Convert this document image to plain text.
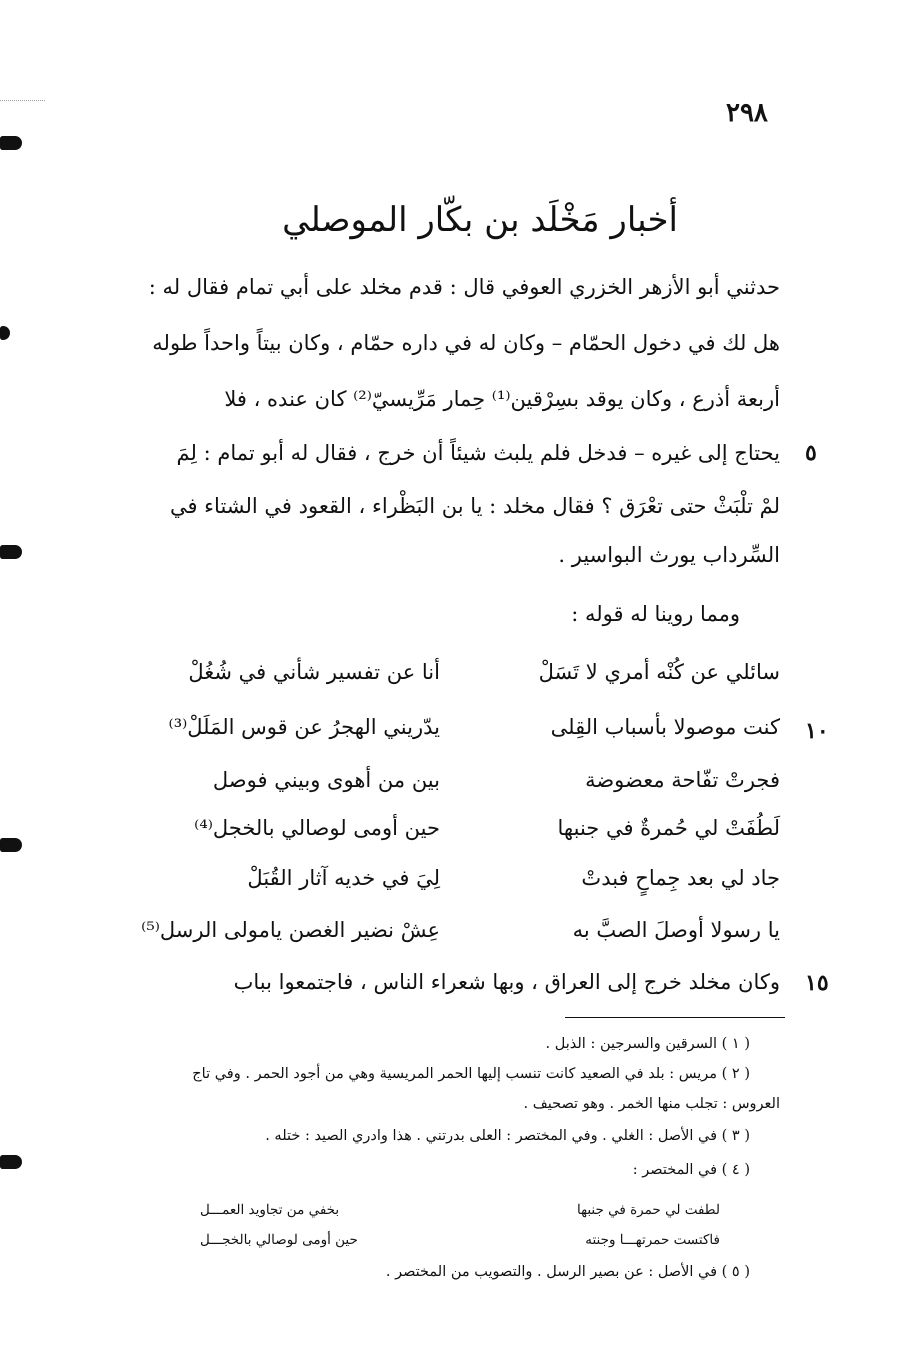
٢٩٨
أخبار مَخْلَد بن بكّار الموصلي
حدثني أبو الأزهر الخزري العوفي قال : قدم مخلد على أبي تمام فقال له :
هل لك في دخول الحمّام – وكان له في داره حمّام ، وكان بيتاً واحداً طوله
أربعة أذرع ، وكان يوقد بسِرْقين⁽¹⁾ حِمار مَرِّيسيّ⁽²⁾ كان عنده ، فلا
يحتاج إلى غيره – فدخل فلم يلبث شيئاً أن خرج ، فقال له أبو تمام : لِمَ
لمْ تلْبَثْ حتى تعْرَق ؟ فقال مخلد : يا بن البَظْراء ، القعود في الشتاء في
السِّرداب يورث البواسير .
٥
ومما روينا له قوله :
سائلي عن كُنْه أمري لا تَسَلْ
أنا عن تفسير شأني في شُغُلْ
كنت موصولا بأسباب القِلى
يدّريني الهجرُ عن قوس المَلَلْ⁽³⁾	١٠
فجرتْ تفّاحة معضوضة
بين من أهوى وبيني فوصل
لَطُفَتْ لي حُمرةٌ في جنبها
حين أومى لوصالي بالخجل⁽⁴⁾
جاد لي بعد جِماحٍ فبدتْ
لِيَ في خديه آثار القُبَلْ
يا رسولا أوصلَ الصبَّ به
عِشْ نضير الغصن يامولى الرسل⁽⁵⁾
وكان مخلد خرج إلى العراق ، وبها شعراء الناس ، فاجتمعوا بباب ١٥
( ١ ) السرقين والسرجين : الذبل .
( ٢ ) مريس : بلد في الصعيد كانت تنسب إليها الحمر المريسية وهي من أجود الحمر . وفي تاج
العروس : تجلب منها الخمر . وهو تصحيف .
( ٣ ) في الأصل : الغلي . وفي المختصر : العلى بدرتني . هذا وادري الصيد : ختله .
( ٤ ) في المختصر :
لطفت لي حمرة في جنبها
بخفي من تجاويد العمـــل
فاكتست حمرتهـــا وجنته
حين أومى لوصالي بالخجـــل
( ٥ ) في الأصل : عن بصير الرسل . والتصويب من المختصر .
